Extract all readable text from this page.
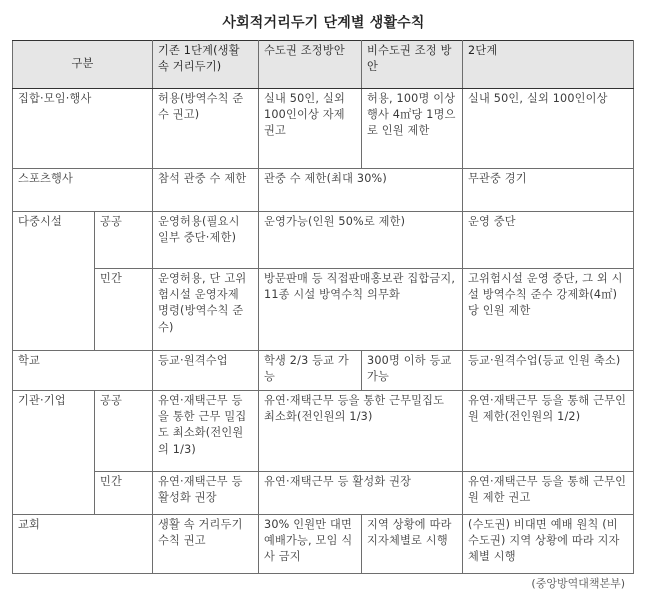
사회적거리두기 단계별 생활수칙
구분		기존 1단계(생활 속 거리두기)	수도권 조정방안	비수도권 조정 방안	2단계
집합·모임·행사		허용(방역수칙 준수 권고)	실내 50인, 실외 100인이상 자제 권고	허용, 100명 이상 행사 4㎡당 1명으로 인원 제한	실내 50인, 실외 100인이상
스포츠행사		참석 관중 수 제한	관중 수 제한(최대 30%)		무관중 경기
다중시설	공공	운영허용(필요시 일부 중단·제한)	운영가능(인원 50%로 제한)		운영 중단
	민간	운영허용, 단 고위험시설 운영자제 명령(방역수칙 준수)	방문판매 등 직접판매홍보관 집합금지, 11종 시설 방역수칙 의무화		고위험시설 운영 중단, 그 외 시설 방역수칙 준수 강제화(4㎡)당 인원 제한
학교		등교·원격수업	학생 2/3 등교 가능	300명 이하 등교가능	등교·원격수업(등교 인원 축소)
기관·기업	공공	유연·재택근무 등을 통한 근무 밀집도 최소화(전인원의 1/3)	유연·재택근무 등을 통한 근무밀집도 최소화(전인원의 1/3)		유연·재택근무 등을 통해 근무인원 제한(전인원의 1/2)
	민간	유연·재택근무 등 활성화 권장	유연·재택근무 등 활성화 권장		유연·재택근무 등을 통해 근무인원 제한 권고
교회		생활 속 거리두기 수칙 권고	30% 인원만 대면 예배가능, 모임 식사 금지	지역 상황에 따라 지자체별로 시행	(수도권) 비대면 예배 원칙 (비수도권) 지역 상황에 따라 지자체별 시행
(중앙방역대책본부)
